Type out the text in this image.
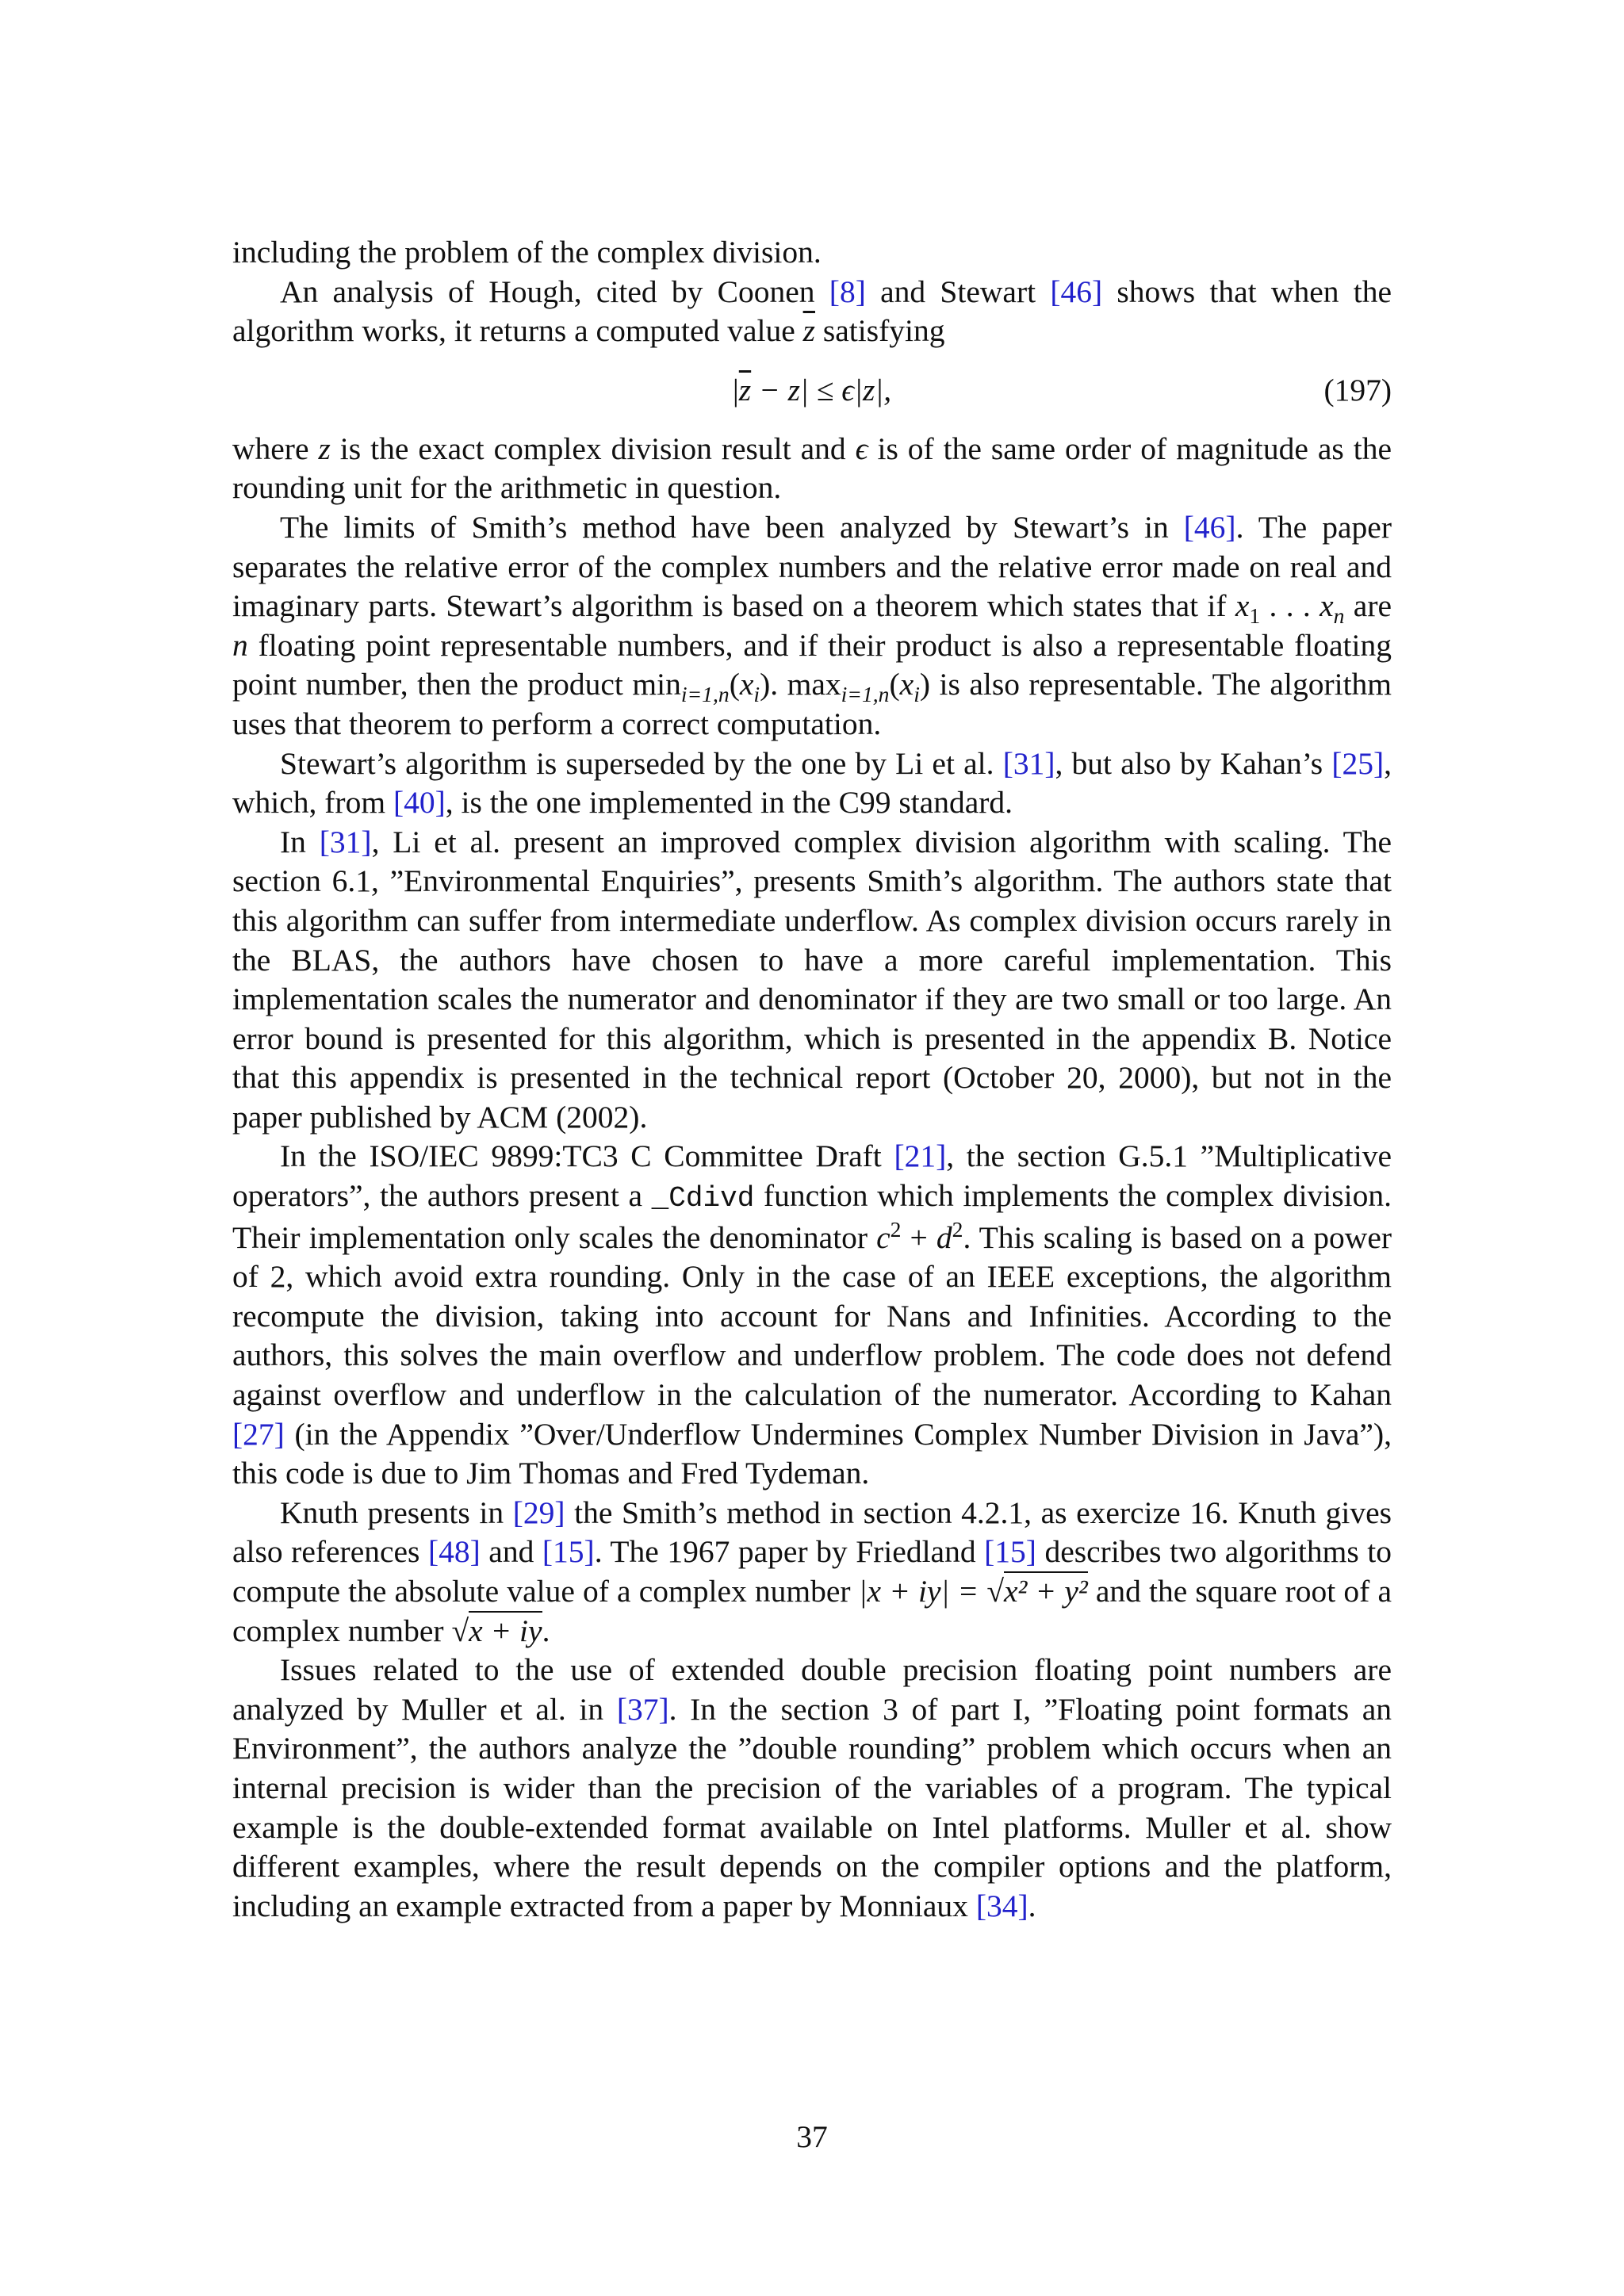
including the problem of the complex division.

An analysis of Hough, cited by Coonen [8] and Stewart [46] shows that when the algorithm works, it returns a computed value $\overline{z}$ satisfying

$|\overline{z} - z| \le \epsilon|z|$,	(197)

where z is the exact complex division result and ϵ is of the same order of magnitude as the rounding unit for the arithmetic in question.

The limits of Smith’s method have been analyzed by Stewart’s in [46]. The paper separates the relative error of the complex numbers and the relative error made on real and imaginary parts. Stewart’s algorithm is based on a theorem which states that if $x_1$ . . . $x_n$ are n floating point representable numbers, and if their product is also a representable floating point number, then the product $\min_{i=1,n}(x_i)$. $\max_{i=1,n}(x_i)$ is also representable. The algorithm uses that theorem to perform a correct computation.

Stewart’s algorithm is superseded by the one by Li et al. [31], but also by Kahan’s [25], which, from [40], is the one implemented in the C99 standard.

In [31], Li et al. present an improved complex division algorithm with scaling. The section 6.1, ”Environmental Enquiries”, presents Smith’s algorithm. The authors state that this algorithm can suffer from intermediate underflow. As complex division occurs rarely in the BLAS, the authors have chosen to have a more careful implementation. This implementation scales the numerator and denominator if they are two small or too large. An error bound is presented for this algorithm, which is presented in the appendix B. Notice that this appendix is presented in the technical report (October 20, 2000), but not in the paper published by ACM (2002).

In the ISO/IEC 9899:TC3 C Committee Draft [21], the section G.5.1 ”Multiplicative operators”, the authors present a _Cdivd function which implements the complex division. Their implementation only scales the denominator $c^2 + d^2$. This scaling is based on a power of 2, which avoid extra rounding. Only in the case of an IEEE exceptions, the algorithm recompute the division, taking into account for Nans and Infinities. According to the authors, this solves the main overflow and underflow problem. The code does not defend against overflow and underflow in the calculation of the numerator. According to Kahan [27] (in the Appendix ”Over/Underflow Undermines Complex Number Division in Java”), this code is due to Jim Thomas and Fred Tydeman.

Knuth presents in [29] the Smith’s method in section 4.2.1, as exercize 16. Knuth gives also references [48] and [15]. The 1967 paper by Friedland [15] describes two algorithms to compute the absolute value of a complex number |x + iy| = √x² + y² and the square root of a complex number √x + iy.

Issues related to the use of extended double precision floating point numbers are analyzed by Muller et al. in [37]. In the section 3 of part I, ”Floating point formats an Environment”, the authors analyze the ”double rounding” problem which occurs when an internal precision is wider than the precision of the variables of a program. The typical example is the double-extended format available on Intel platforms. Muller et al. show different examples, where the result depends on the compiler options and the platform, including an example extracted from a paper by Monniaux [34].

37
